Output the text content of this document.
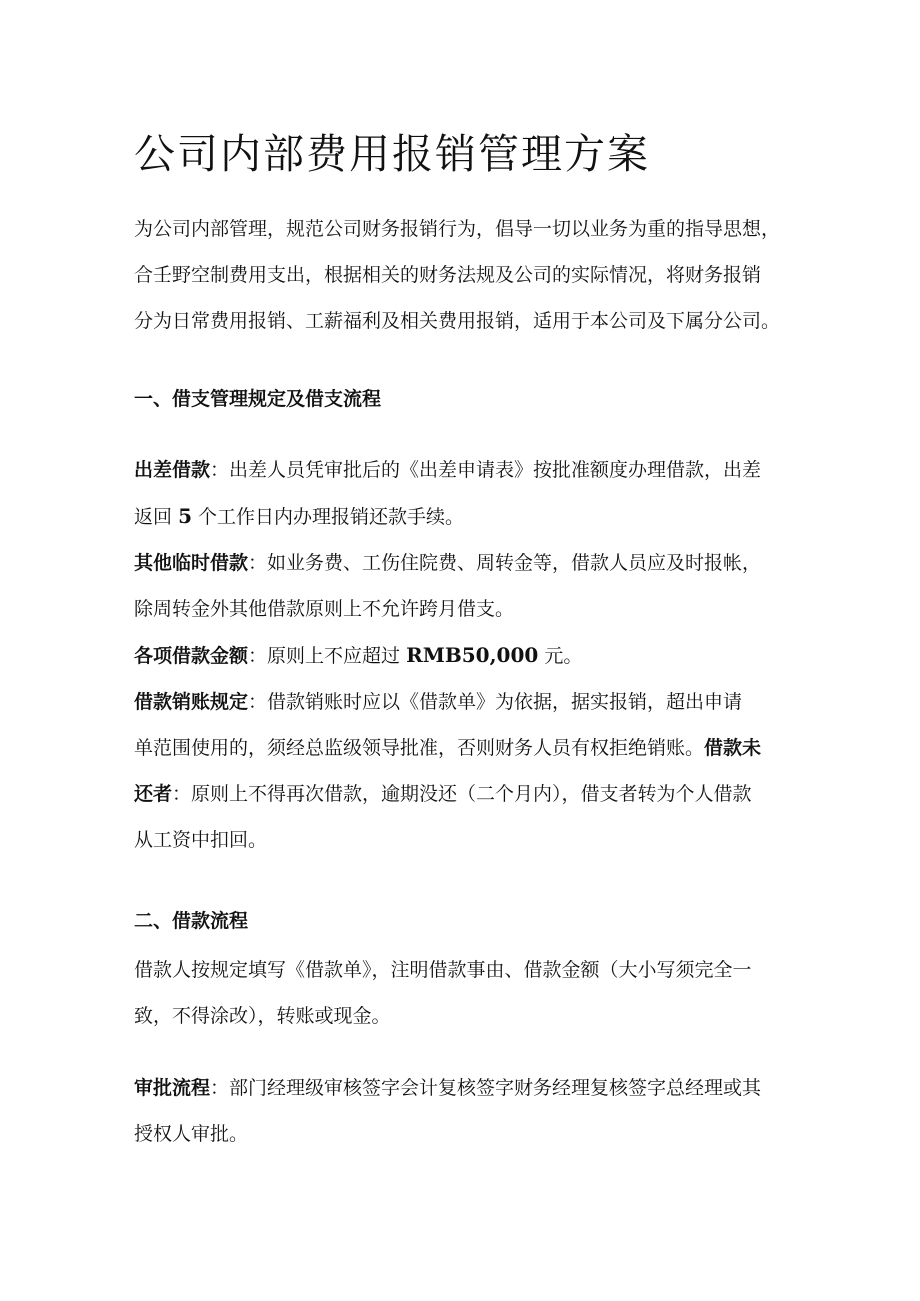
公司内部费用报销管理方案
为公司内部管理，规范公司财务报销行为，倡导一切以业务为重的指导思想，
合壬野空制费用支出，根据相关的财务法规及公司的实际情况，将财务报销
分为日常费用报销、工薪福利及相关费用报销，适用于本公司及下属分公司。
一、借支管理规定及借支流程
出差借款：出差人员凭审批后的《出差申请表》按批准额度办理借款，出差
返回 5 个工作日内办理报销还款手续。
其他临时借款：如业务费、工伤住院费、周转金等，借款人员应及时报帐，
除周转金外其他借款原则上不允许跨月借支。
各项借款金额：原则上不应超过 RMB50,000 元。
借款销账规定：借款销账时应以《借款单》为依据，据实报销，超出申请
单范围使用的，须经总监级领导批准，否则财务人员有权拒绝销账。借款未
还者：原则上不得再次借款，逾期没还（二个月内），借支者转为个人借款
从工资中扣回。
二、借款流程
借款人按规定填写《借款单》，注明借款事由、借款金额（大小写须完全一
致，不得涂改），转账或现金。
审批流程：部门经理级审核签字会计复核签字财务经理复核签字总经理或其
授权人审批。
